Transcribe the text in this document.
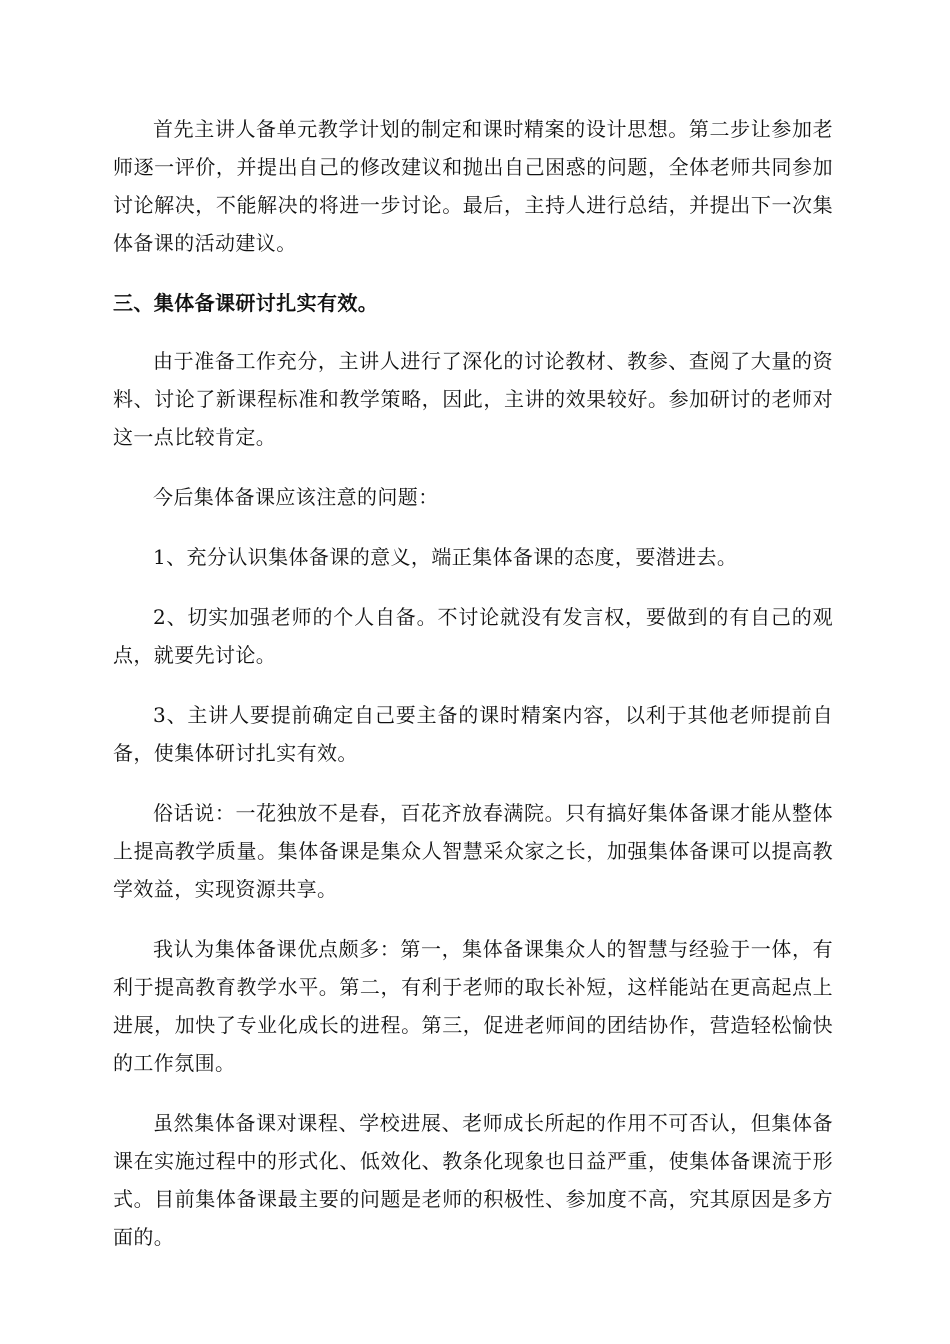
首先主讲人备单元教学计划的制定和课时精案的设计思想。第二步让参加老师逐一评价，并提出自己的修改建议和抛出自己困惑的问题，全体老师共同参加讨论解决，不能解决的将进一步讨论。最后，主持人进行总结，并提出下一次集体备课的活动建议。

三、集体备课研讨扎实有效。

由于准备工作充分，主讲人进行了深化的讨论教材、教参、查阅了大量的资料、讨论了新课程标准和教学策略，因此，主讲的效果较好。参加研讨的老师对这一点比较肯定。

今后集体备课应该注意的问题：

1、充分认识集体备课的意义，端正集体备课的态度，要潜进去。

2、切实加强老师的个人自备。不讨论就没有发言权，要做到的有自己的观点，就要先讨论。

3、主讲人要提前确定自己要主备的课时精案内容，以利于其他老师提前自备，使集体研讨扎实有效。

俗话说：一花独放不是春，百花齐放春满院。只有搞好集体备课才能从整体上提高教学质量。集体备课是集众人智慧采众家之长，加强集体备课可以提高教学效益，实现资源共享。

我认为集体备课优点颇多：第一，集体备课集众人的智慧与经验于一体，有利于提高教育教学水平。第二，有利于老师的取长补短，这样能站在更高起点上进展，加快了专业化成长的进程。第三，促进老师间的团结协作，营造轻松愉快的工作氛围。

虽然集体备课对课程、学校进展、老师成长所起的作用不可否认，但集体备课在实施过程中的形式化、低效化、教条化现象也日益严重，使集体备课流于形式。目前集体备课最主要的问题是老师的积极性、参加度不高，究其原因是多方面的。
